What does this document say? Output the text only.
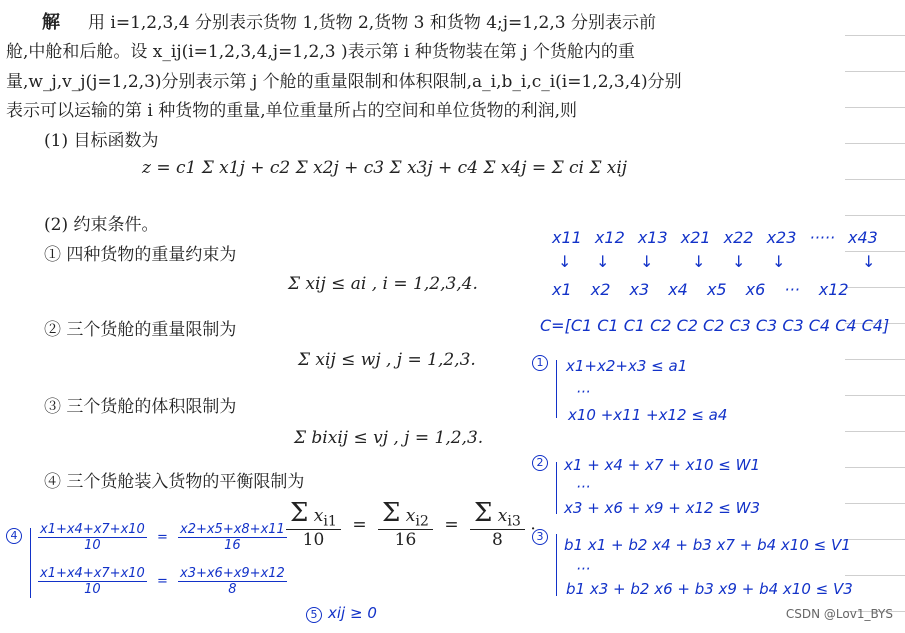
解 用 i=1,2,3,4 分别表示货物 1,货物 2,货物 3 和货物 4;j=1,2,3 分别表示前
舱,中舱和后舱。设 x_ij(i=1,2,3,4,j=1,2,3 )表示第 i 种货物装在第 j 个货舱内的重
量,w_j,v_j(j=1,2,3)分别表示第 j 个舱的重量限制和体积限制,a_i,b_i,c_i(i=1,2,3,4)分别
表示可以运输的第 i 种货物的重量,单位重量所占的空间和单位货物的利润,则
(1) 目标函数为
z = c1 Σ x1j + c2 Σ x2j + c3 Σ x3j + c4 Σ x4j = Σ ci Σ xij
(2) 约束条件。
① 四种货物的重量约束为
Σ xij ≤ ai , i = 1,2,3,4.
② 三个货舱的重量限制为
Σ xij ≤ wj , j = 1,2,3.
③ 三个货舱的体积限制为
Σ bixij ≤ vj , j = 1,2,3.
④ 三个货舱装入货物的平衡限制为
$\frac{\Sigma x_{i1}}{10} = \frac{\Sigma x_{i2}}{16} = \frac{\Sigma x_{i3}}{8}$ .
x11 x12 x13 x21 x22 x23 ····· x43
↓ ↓ ↓ ↓ ↓ ↓	↓
x1 x2 x3 x4 x5 x6 ··· x12
C=[C1 C1 C1 C2 C2 C2 C3 C3 C3 C4 C4 C4]
1	x1+x2+x3 ≤ a1
···
x10 +x11 +x12 ≤ a4
2	x1 + x4 + x7 + x10 ≤ W1
···
x3 + x6 + x9 + x12 ≤ W3
3	b1 x1 + b2 x4 + b3 x7 + b4 x10 ≤ V1
···
b1 x3 + b2 x6 + b3 x9 + b4 x10 ≤ V3
4	$\frac{x1+x4+x7+x10}{10} = \frac{x2+x5+x8+x11}{16}$
$\frac{x1+x4+x7+x10}{10} = \frac{x3+x6+x9+x12}{8}$
5 xij ≥ 0	CSDN @Lov1_BYS
